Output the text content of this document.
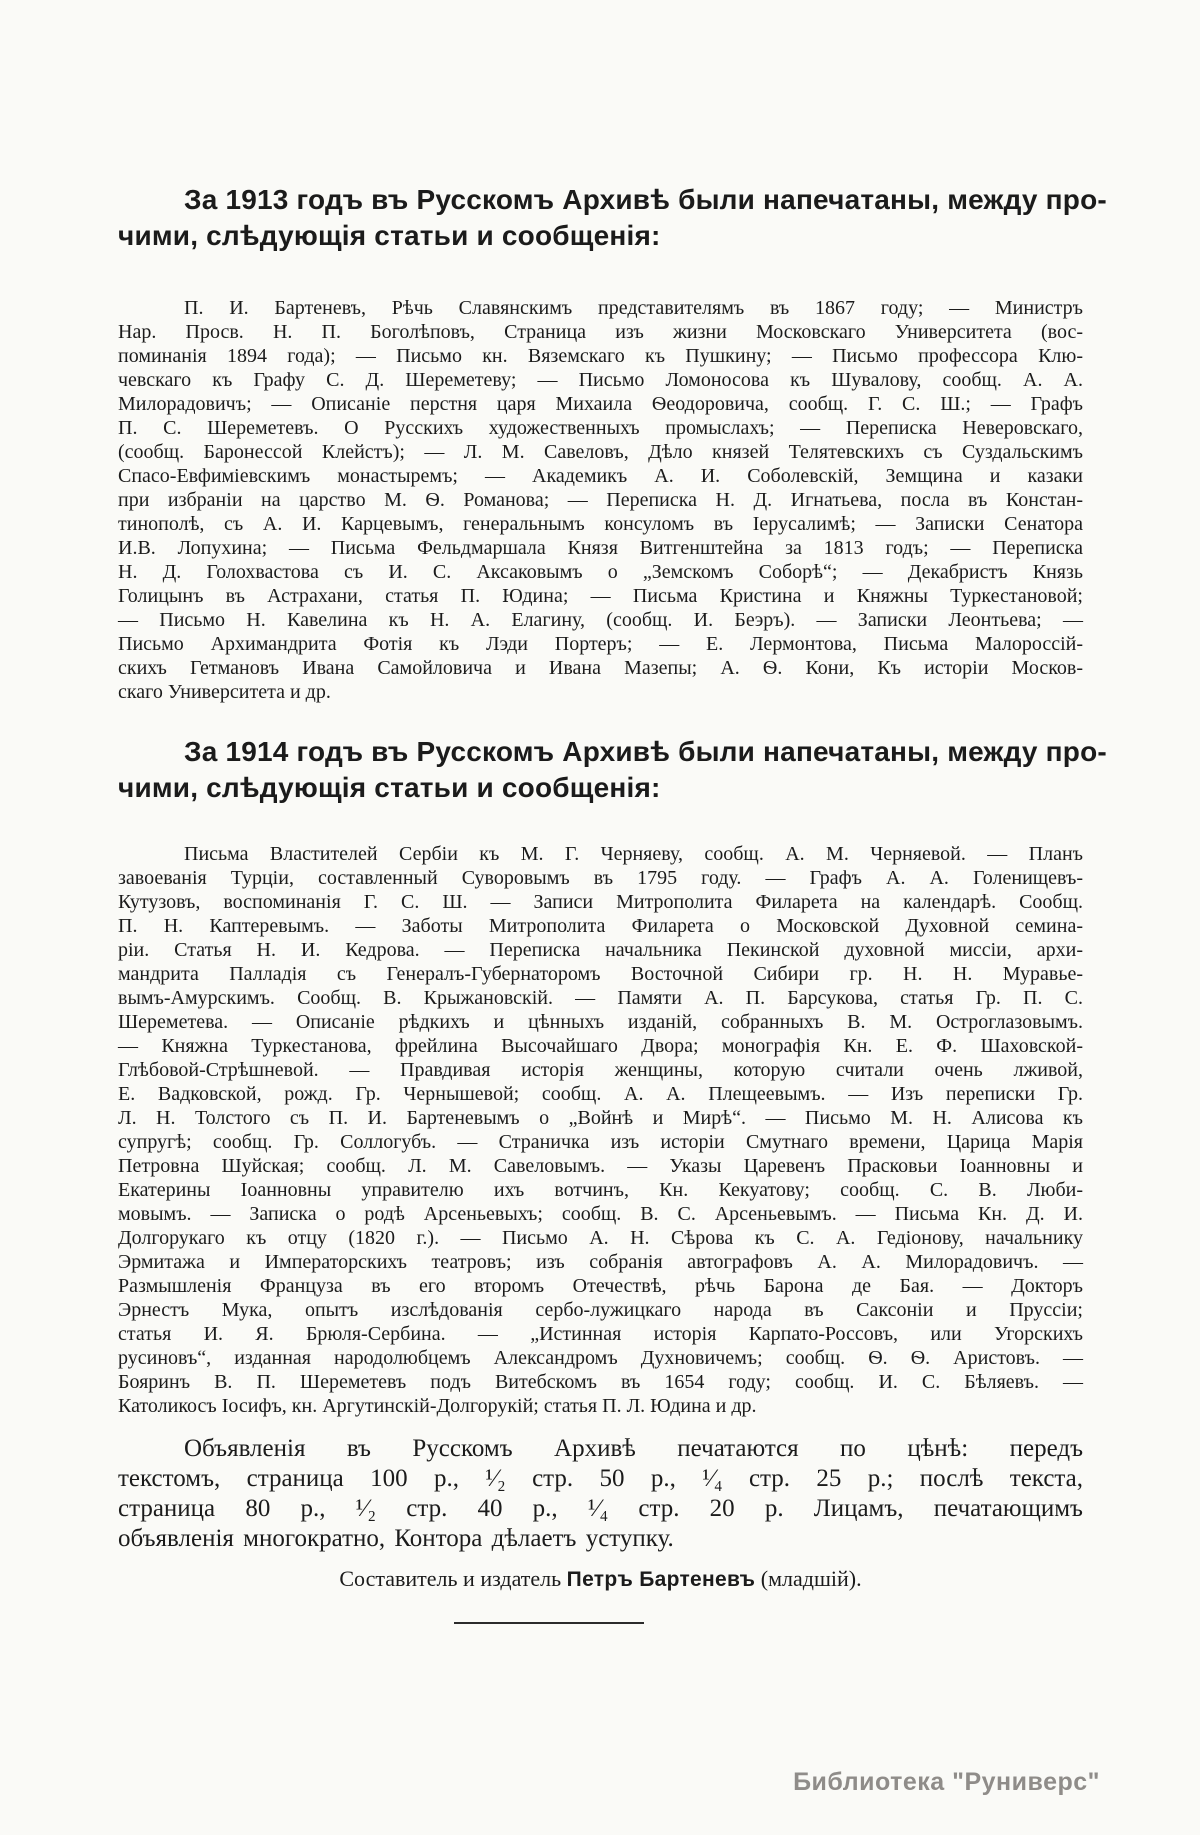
За 1913 годъ въ Русскомъ Архивѣ были напечатаны, между про-
чими, слѣдующія статьи и сообщенія:
П. И. Бартеневъ, Рѣчь Славянскимъ представителямъ въ 1867 году; — Министръ
Нар. Просв. Н. П. Боголѣповъ, Страница изъ жизни Московскаго Университета (вос-
поминанія 1894 года); — Письмо кн. Вяземскаго къ Пушкину; — Письмо профессора Клю-
чевскаго къ Графу С. Д. Шереметеву; — Письмо Ломоносова къ Шувалову, сообщ. А. А.
Милорадовичъ; — Описаніе перстня царя Михаила Ѳеодоровича, сообщ. Г. С. Ш.; — Графъ
П. С. Шереметевъ. О Русскихъ художественныхъ промыслахъ; — Переписка Неверовскаго,
(сообщ. Баронессой Клейстъ); — Л. М. Савеловъ, Дѣло князей Телятевскихъ съ Суздальскимъ
Спасо-Евфиміевскимъ монастыремъ; — Академикъ А. И. Соболевскій, Земщина и казаки
при избраніи на царство М. Ѳ. Романова; — Переписка Н. Д. Игнатьева, посла въ Констан-
тинополѣ, съ А. И. Карцевымъ, генеральнымъ консуломъ въ Іерусалимѣ; — Записки Сенатора
И.В. Лопухина; — Письма Фельдмаршала Князя Витгенштейна за 1813 годъ; — Переписка
Н. Д. Голохвастова съ И. С. Аксаковымъ о „Земскомъ Соборѣ“; — Декабристъ Князь
Голицынъ въ Астрахани, статья П. Юдина; — Письма Кристина и Княжны Туркестановой;
— Письмо Н. Кавелина къ Н. А. Елагину, (сообщ. И. Беэръ). — Записки Леонтьева; —
Письмо Архимандрита Фотія къ Лэди Портеръ; — Е. Лермонтова, Письма Малороссій-
скихъ Гетмановъ Ивана Самойловича и Ивана Мазепы; А. Ѳ. Кони, Къ исторіи Москов-
скаго Университета и др.
За 1914 годъ въ Русскомъ Архивѣ были напечатаны, между про-
чими, слѣдующія статьи и сообщенія:
Письма Властителей Сербіи къ М. Г. Черняеву, сообщ. А. М. Черняевой. — Планъ
завоеванія Турціи, составленный Суворовымъ въ 1795 году. — Графъ А. А. Голенищевъ-
Кутузовъ, воспоминанія Г. С. Ш. — Записи Митрополита Филарета на календарѣ. Сообщ.
П. Н. Каптеревымъ. — Заботы Митрополита Филарета о Московской Духовной семина-
ріи. Статья Н. И. Кедрова. — Переписка начальника Пекинской духовной миссіи, архи-
мандрита Палладія съ Генералъ-Губернаторомъ Восточной Сибири гр. Н. Н. Муравье-
вымъ-Амурскимъ. Сообщ. В. Крыжановскій. — Памяти А. П. Барсукова, статья Гр. П. С.
Шереметева. — Описаніе рѣдкихъ и цѣнныхъ изданій, собранныхъ В. М. Остроглазовымъ.
— Княжна Туркестанова, фрейлина Высочайшаго Двора; монографія Кн. Е. Ф. Шаховской-
Глѣбовой-Стрѣшневой. — Правдивая исторія женщины, которую считали очень лживой,
Е. Вадковской, рожд. Гр. Чернышевой; сообщ. А. А. Плещеевымъ. — Изъ переписки Гр.
Л. Н. Толстого съ П. И. Бартеневымъ о „Войнѣ и Мирѣ“. — Письмо М. Н. Алисова къ
супругѣ; сообщ. Гр. Соллогубъ. — Страничка изъ исторіи Смутнаго времени, Царица Марія
Петровна Шуйская; сообщ. Л. М. Савеловымъ. — Указы Царевенъ Прасковьи Іоанновны и
Екатерины Іоанновны управителю ихъ вотчинъ, Кн. Кекуатову; сообщ. С. В. Люби-
мовымъ. — Записка о родѣ Арсеньевыхъ; сообщ. В. С. Арсеньевымъ. — Письма Кн. Д. И.
Долгорукаго къ отцу (1820 г.). — Письмо А. Н. Сѣрова къ С. А. Гедіонову, начальнику
Эрмитажа и Императорскихъ театровъ; изъ собранія автографовъ А. А. Милорадовичъ. —
Размышленія Француза въ его второмъ Отечествѣ, рѣчь Барона де Бая. — Докторъ
Эрнестъ Мука, опытъ изслѣдованія сербо-лужицкаго народа въ Саксоніи и Пруссіи;
статья И. Я. Брюля-Сербина. — „Истинная исторія Карпато-Россовъ, или Угорскихъ
русиновъ“, изданная народолюбцемъ Александромъ Духновичемъ; сообщ. Ѳ. Ѳ. Аристовъ. —
Бояринъ В. П. Шереметевъ подъ Витебскомъ въ 1654 году; сообщ. И. С. Бѣляевъ. —
Католикосъ Іосифъ, кн. Аргутинскій-Долгорукій; статья П. Л. Юдина и др.
Объявленія въ Русскомъ Архивѣ печатаются по цѣнѣ: передъ
текстомъ, страница 100 р., ¹⁄₂ стр. 50 р., ¹⁄₄ стр. 25 р.; послѣ текста,
страница 80 р., ¹⁄₂ стр. 40 р., ¹⁄₄ стр. 20 р. Лицамъ, печатающимъ
объявленія многократно, Контора дѣлаетъ уступку.
Составитель и издатель Петръ Бартеневъ (младшій).
Библиотека "Руниверс"
